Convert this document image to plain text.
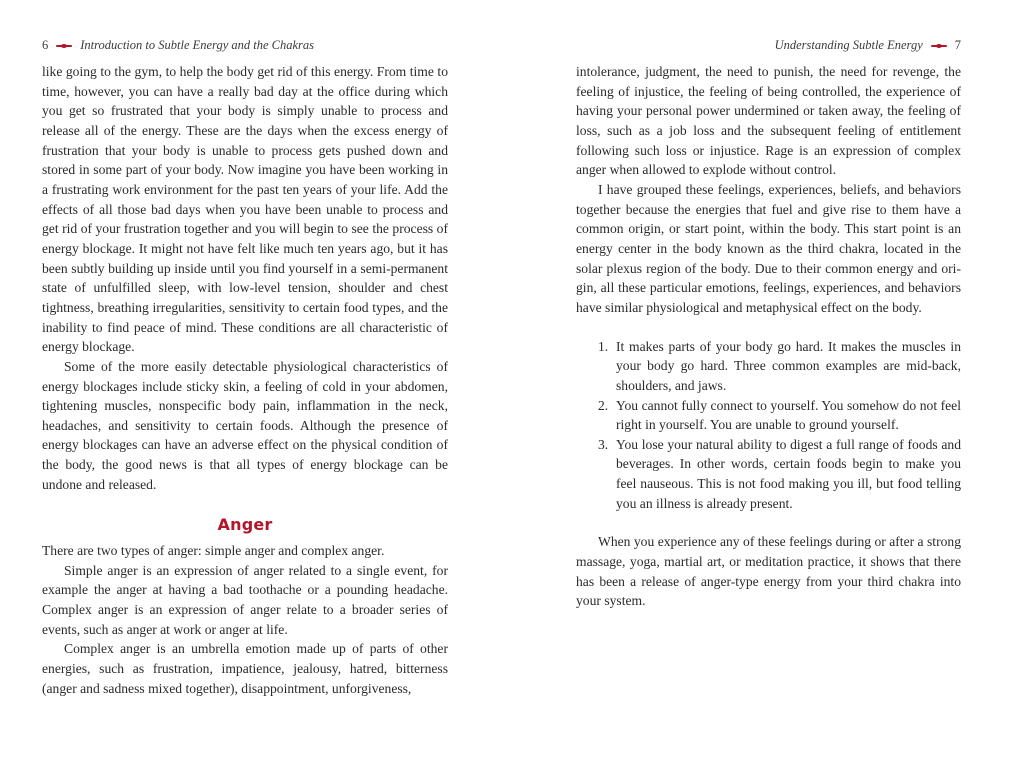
6	Introduction to Subtle Energy and the Chakras

like going to the gym, to help the body get rid of this energy. From time to time, however, you can have a really bad day at the office during which you get so frustrated that your body is simply unable to process and release all of the energy. These are the days when the excess energy of frustration that your body is unable to process gets pushed down and stored in some part of your body. Now imagine you have been working in a frustrating work environment for the past ten years of your life. Add the effects of all those bad days when you have been unable to process and get rid of your frustration together and you will begin to see the process of energy blockage. It might not have felt like much ten years ago, but it has been subtly building up inside until you find yourself in a semi-permanent state of unfulfilled sleep, with low-level tension, shoulder and chest tightness, breathing irregularities, sensitivity to certain food types, and the inability to find peace of mind. These conditions are all characteristic of energy blockage.

Some of the more easily detectable physiological characteristics of energy blockages include sticky skin, a feeling of cold in your abdomen, tightening muscles, nonspecific body pain, inflammation in the neck, headaches, and sensitivity to certain foods. Although the presence of energy blockages can have an adverse effect on the physical condition of the body, the good news is that all types of energy blockage can be undone and released.

Anger

There are two types of anger: simple anger and complex anger.

Simple anger is an expression of anger related to a single event, for example the anger at having a bad toothache or a pounding headache. Complex anger is an expression of anger relate to a broader series of events, such as anger at work or anger at life.

Complex anger is an umbrella emotion made up of parts of other energies, such as frustration, impatience, jealousy, hatred, bitterness (anger and sadness mixed together), disappointment, unforgiveness,

Understanding Subtle Energy	7

intolerance, judgment, the need to punish, the need for revenge, the feeling of injustice, the feeling of being controlled, the experience of having your personal power undermined or taken away, the feeling of loss, such as a job loss and the subsequent feeling of entitlement following such loss or injustice. Rage is an expression of complex anger when allowed to explode without control.

I have grouped these feelings, experiences, beliefs, and behaviors together because the energies that fuel and give rise to them have a common origin, or start point, within the body. This start point is an energy center in the body known as the third chakra, located in the solar plexus region of the body. Due to their common energy and origin, all these particular emotions, feelings, experiences, and behaviors have similar physiological and metaphysical effect on the body.

1. It makes parts of your body go hard. It makes the muscles in your body go hard. Three common examples are mid-back, shoulders, and jaws.
2. You cannot fully connect to yourself. You somehow do not feel right in yourself. You are unable to ground yourself.
3. You lose your natural ability to digest a full range of foods and beverages. In other words, certain foods begin to make you feel nauseous. This is not food making you ill, but food telling you an illness is already present.

When you experience any of these feelings during or after a strong massage, yoga, martial art, or meditation practice, it shows that there has been a release of anger-type energy from your third chakra into your system.
